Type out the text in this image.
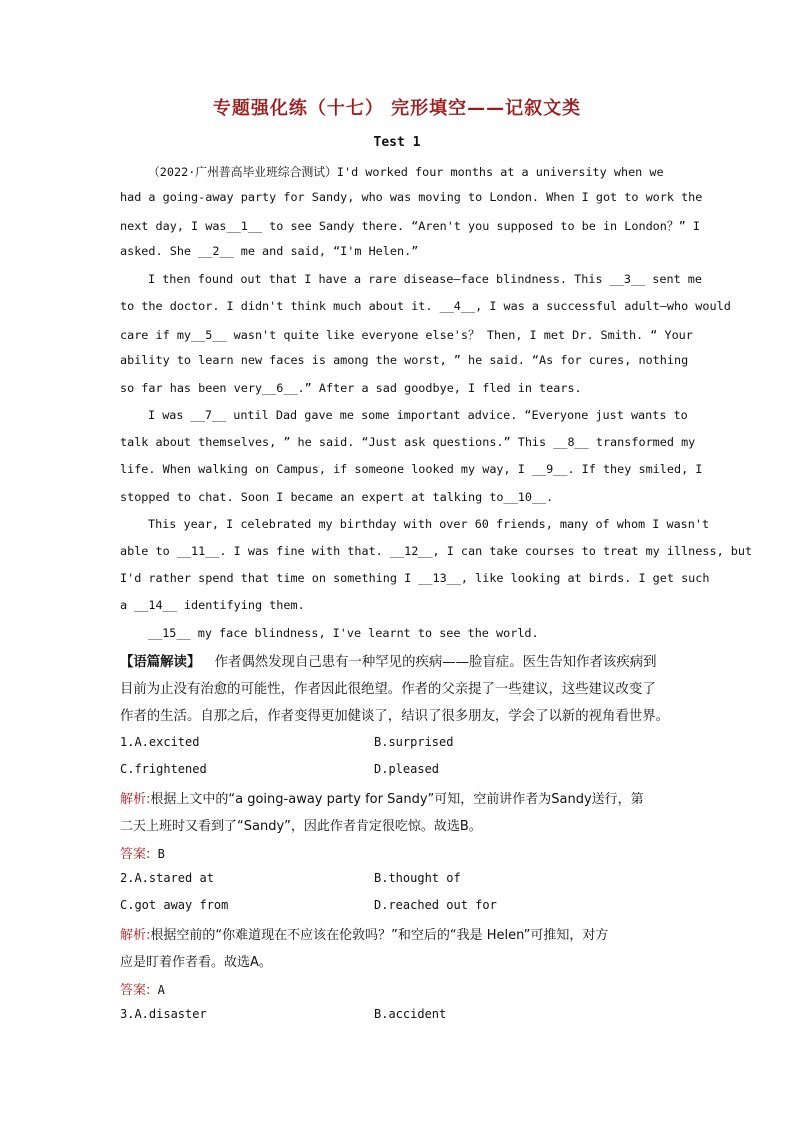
专题强化练（十七） 完形填空——记叙文类
Test 1
（2022·广州普高毕业班综合测试）I'd worked four months at a university when we
had a going-away party for Sandy, who was moving to London. When I got to work the
next day, I was__1__ to see Sandy there. “Aren't you supposed to be in London？” I
asked. She __2__ me and said, “I'm Helen.”
I then found out that I have a rare disease—face blindness. This __3__ sent me
to the doctor. I didn't think much about it. __4__, I was a successful adult—who would
care if my__5__ wasn't quite like everyone else's？ Then, I met Dr. Smith. “ Your
ability to learn new faces is among the worst, ” he said. “As for cures, nothing
so far has been very__6__.” After a sad goodbye, I fled in tears.
I was __7__ until Dad gave me some important advice. “Everyone just wants to
talk about themselves, ” he said. “Just ask questions.” This __8__ transformed my
life. When walking on Campus, if someone looked my way, I __9__. If they smiled, I
stopped to chat. Soon I became an expert at talking to__10__.
This year, I celebrated my birthday with over 60 friends, many of whom I wasn't
able to __11__. I was fine with that. __12__, I can take courses to treat my illness, but
I'd rather spend that time on something I __13__, like looking at birds. I get such
a __14__ identifying them.
__15__ my face blindness, I've learnt to see the world.
【语篇解读】 作者偶然发现自己患有一种罕见的疾病——脸盲症。医生告知作者该疾病到
目前为止没有治愈的可能性，作者因此很绝望。作者的父亲提了一些建议，这些建议改变了
作者的生活。自那之后，作者变得更加健谈了，结识了很多朋友，学会了以新的视角看世界。
1.A.excited	B.surprised
C.frightened	D.pleased
解析:根据上文中的“a going-away party for Sandy”可知，空前讲作者为Sandy送行，第
二天上班时又看到了“Sandy”，因此作者肯定很吃惊。故选B。
答案: B
2.A.stared at	B.thought of
C.got away from	D.reached out for
解析:根据空前的“你难道现在不应该在伦敦吗？”和空后的“我是 Helen”可推知，对方
应是盯着作者看。故选A。
答案: A
3.A.disaster	B.accident
